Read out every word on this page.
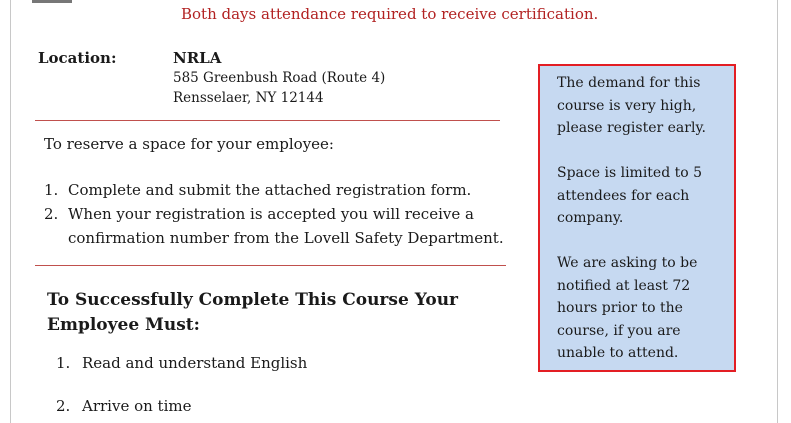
Both days attendance required to receive certification.
Location:	NRLA
585 Greenbush Road (Route 4)
Rensselaer, NY 12144
To reserve a space for your employee:
1. Complete and submit the attached registration form.
2. When your registration is accepted you will receive a
confirmation number from the Lovell Safety Department.
To Successfully Complete This Course Your
Employee Must:
1. Read and understand English
2. Arrive on time

The demand for this course is very high, please register early.

Space is limited to 5 attendees for each company.

We are asking to be notified at least 72 hours prior to the course, if you are unable to attend.
